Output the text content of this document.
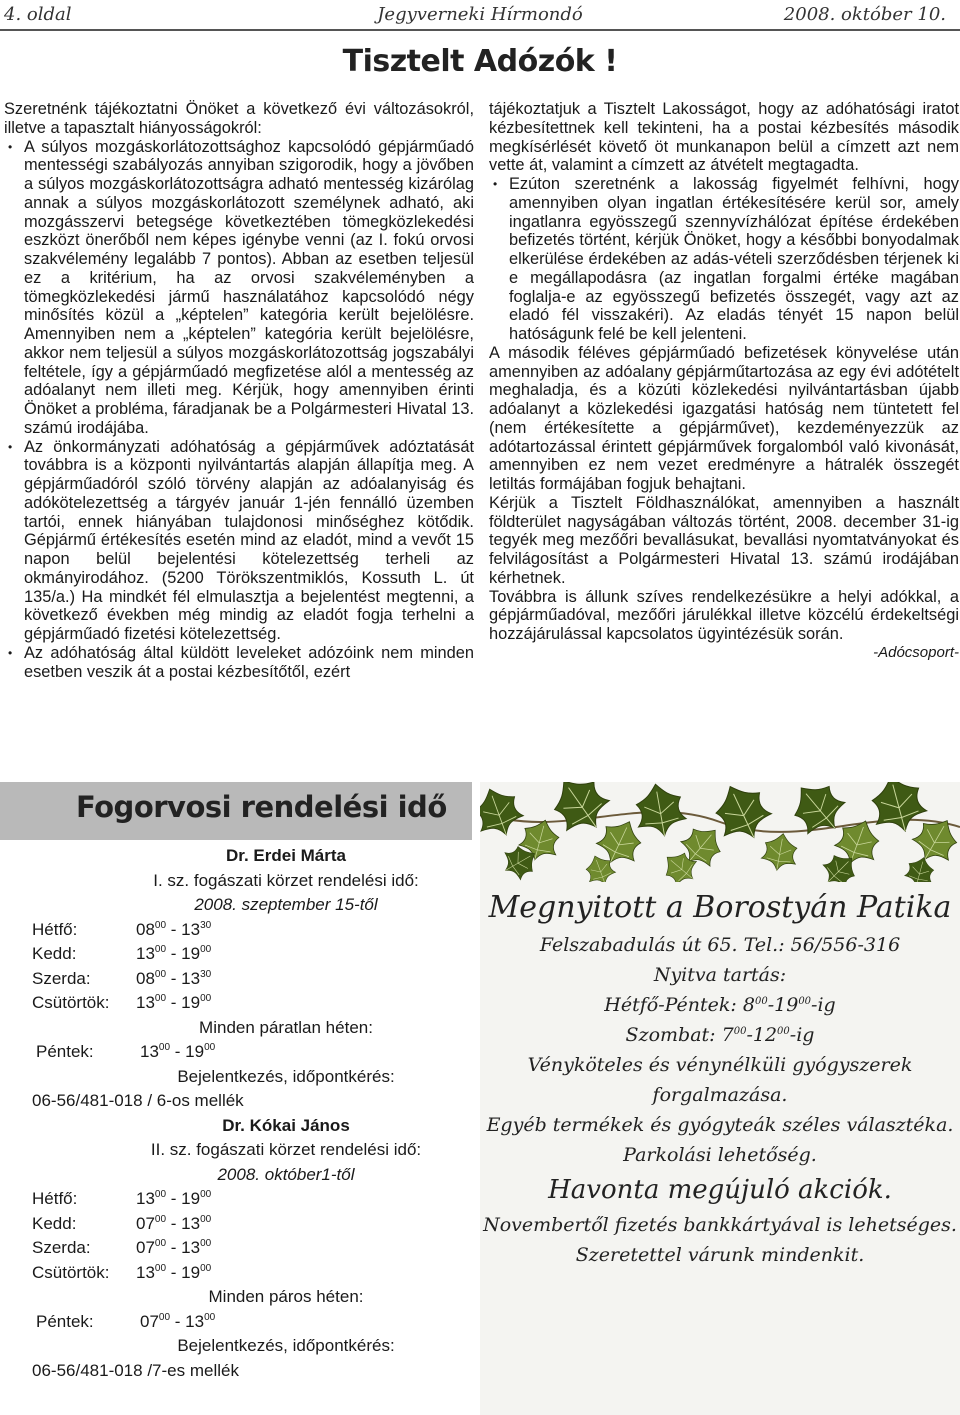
4. oldal	Jegyverneki Hírmondó	2008. október 10.
Tisztelt Adózók !

Szeretnénk tájékoztatni Önöket a következő évi változásokról, illetve a tapasztalt hiányosságokról:

• A súlyos mozgáskorlátozottsághoz kapcsolódó gépjárműadó mentességi szabályozás annyiban szigorodik, hogy a jövőben a súlyos mozgáskorlátozottságra adható mentesség kizárólag annak a súlyos mozgáskorlátozott személynek adható, aki mozgásszervi betegsége következtében tömegközlekedési eszközt önerőből nem képes igénybe venni (az I. fokú orvosi szakvélemény legalább 7 pontos). Abban az esetben teljesül ez a kritérium, ha az orvosi szakvéleményben a tömegközlekedési jármű használatához kapcsolódó négy minősítés közül a „képtelen” kategória került bejelölésre. Amennyiben nem a „képtelen” kategória került bejelölésre, akkor nem teljesül a súlyos mozgáskorlátozottság jogszabályi feltétele, így a gépjárműadó megfizetése alól a mentesség az adóalanyt nem illeti meg. Kérjük, hogy amennyiben érinti Önöket a probléma, fáradjanak be a Polgármesteri Hivatal 13. számú irodájába.

• Az önkormányzati adóhatóság a gépjárművek adóztatását továbbra is a központi nyilvántartás alapján állapítja meg. A gépjárműadóról szóló törvény alapján az adóalanyiság és adókötelezettség a tárgyév január 1-jén fennálló üzemben tartói, ennek hiányában tulajdonosi minőséghez kötődik. Gépjármű értékesítés esetén mind az eladót, mind a vevőt 15 napon belül bejelentési kötelezettség terheli az okmányirodához. (5200 Törökszentmiklós, Kossuth L. út 135/a.) Ha mindkét fél elmulasztja a bejelentést megtenni, a következő években még mindig az eladót fogja terhelni a gépjárműadó fizetési kötelezettség.

• Az adóhatóság által küldött leveleket adózóink nem minden esetben veszik át a postai kézbesítőtől, ezért

tájékoztatjuk a Tisztelt Lakosságot, hogy az adóhatósági iratot kézbesítettnek kell tekinteni, ha a postai kézbesítés második megkísérlését követő öt munkanapon belül a címzett azt nem vette át, valamint a címzett az átvételt megtagadta.

• Ezúton szeretnénk a lakosság figyelmét felhívni, hogy amennyiben olyan ingatlan értékesítésére kerül sor, amely ingatlanra egyösszegű szennyvízhálózat építése érdekében befizetés történt, kérjük Önöket, hogy a későbbi bonyodalmak elkerülése érdekében az adás-vételi szerződésben térjenek ki e megállapodásra (az ingatlan forgalmi értéke magában foglalja-e az egyösszegű befizetés összegét, vagy azt az eladó fél visszakéri). Az eladás tényét 15 napon belül hatóságunk felé be kell jelenteni.

A második féléves gépjárműadó befizetések könyvelése után amennyiben az adóalany gépjárműtartozása az egy évi adótételt meghaladja, és a közúti közlekedési nyilvántartásban újabb adóalanyt a közlekedési igazgatási hatóság nem tüntetett fel (nem értékesítette a gépjárművet), kezdeményezzük az adótartozással érintett gépjárművek forgalomból való kivonását, amennyiben ez nem vezet eredményre a hátralék összegét letiltás formájában fogjuk behajtani.

Kérjük a Tisztelt Földhasználókat, amennyiben a használt földterület nagyságában változás történt, 2008. december 31-ig tegyék meg mezőőri bevallásukat, bevallási nyomtatványokat és felvilágosítást a Polgármesteri Hivatal 13. számú irodájában kérhetnek.

Továbbra is állunk szíves rendelkezésükre a helyi adókkal, a gépjárműadóval, mezőőri járulékkal illetve közcélú érdekeltségi hozzájárulással kapcsolatos ügyintézésük során.

-Adócsoport-

Fogorvosi rendelési idő
Dr. Erdei Márta
I. sz. fogászati körzet rendelési idő:
2008. szeptember 15-től
Hétfő:	$08^{00} - 13^{30}$
Kedd:	$13^{00} - 19^{00}$
Szerda:	$08^{00} - 13^{30}$
Csütörtök:	$13^{00} - 19^{00}$
Minden páratlan héten:
Péntek:	$13^{00} - 19^{00}$
Bejelentkezés, időpontkérés:
06-56/481-018 / 6-os mellék
Dr. Kókai János
II. sz. fogászati körzet rendelési idő:
2008. október1-től
Hétfő:	$13^{00} - 19^{00}$
Kedd:	$07^{00} - 13^{00}$
Szerda:	$07^{00} - 13^{00}$
Csütörtök:	$13^{00} - 19^{00}$
Minden páros héten:
Péntek:	$07^{00} - 13^{00}$
Bejelentkezés, időpontkérés:
06-56/481-018 /7-es mellék
Megnyitott a Borostyán Patika
Felszabadulás út 65. Tel.: 56/556-316
Nyitva tartás:
Hétfő-Péntek: $8^{00}-19^{00}-ig$
Szombat: $7^{00}-12^{00}-ig$
Vényköteles és vénynélküli gyógyszerek
forgalmazása.
Egyéb termékek és gyógyteák széles választéka.
Parkolási lehetőség.
Havonta megújuló akciók.
Novembertől fizetés bankkártyával is lehetséges.
Szeretettel várunk mindenkit.
